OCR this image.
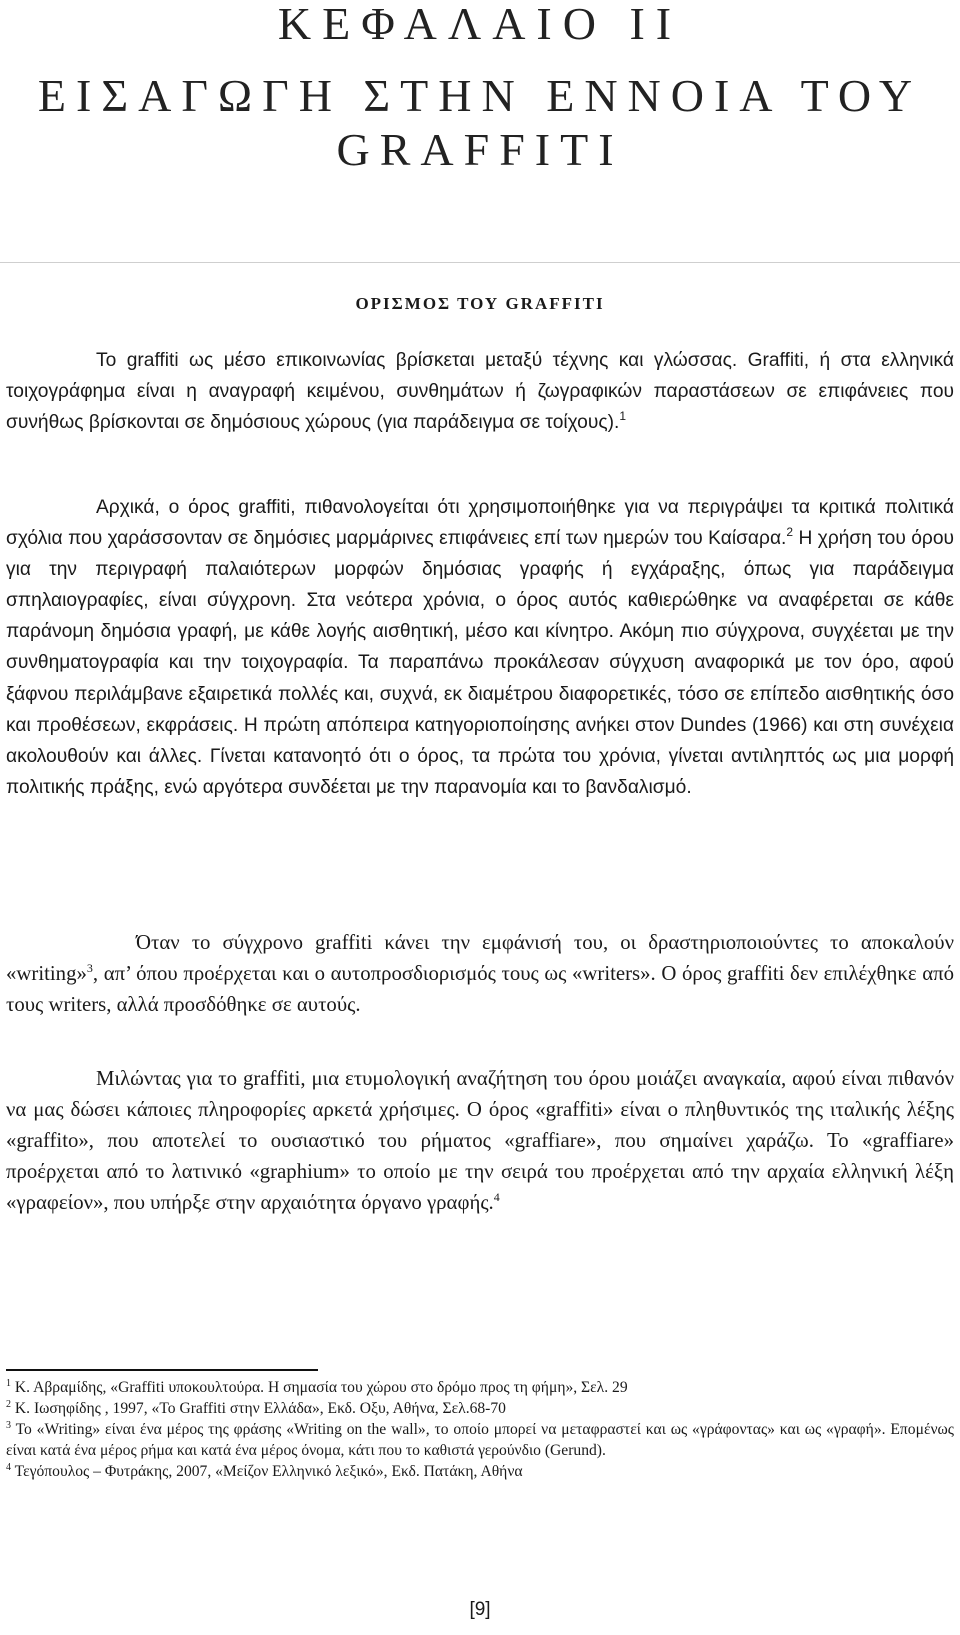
ΚΕΦΑΛΑΙΟ ΙΙ
ΕΙΣΑΓΩΓΗ ΣΤΗΝ ΕΝΝΟΙΑ ΤΟΥ
GRAFFITI
ΟΡΙΣΜΟΣ ΤΟΥ GRAFFITI

Το graffiti ως μέσο επικοινωνίας βρίσκεται μεταξύ τέχνης και γλώσσας. Graffiti, ή στα ελληνικά τοιχογράφημα είναι η αναγραφή κειμένου, συνθημάτων ή ζωγραφικών παραστάσεων σε επιφάνειες που συνήθως βρίσκονται σε δημόσιους χώρους (για παράδειγμα σε τοίχους).$^1$

Αρχικά, ο όρος graffiti, πιθανολογείται ότι χρησιμοποιήθηκε για να περιγράψει τα κριτικά πολιτικά σχόλια που χαράσσονταν σε δημόσιες μαρμάρινες επιφάνειες επί των ημερών του Καίσαρα.$^2$ Η χρήση του όρου για την περιγραφή παλαιότερων μορφών δημόσιας γραφής ή εγχάραξης, όπως για παράδειγμα σπηλαιογραφίες, είναι σύγχρονη. Στα νεότερα χρόνια, ο όρος αυτός καθιερώθηκε να αναφέρεται σε κάθε παράνομη δημόσια γραφή, με κάθε λογής αισθητική, μέσο και κίνητρο. Ακόμη πιο σύγχρονα, συγχέεται με την συνθηματογραφία και την τοιχογραφία. Τα παραπάνω προκάλεσαν σύγχυση αναφορικά με τον όρο, αφού ξάφνου περιλάμβανε εξαιρετικά πολλές και, συχνά, εκ διαμέτρου διαφορετικές, τόσο σε επίπεδο αισθητικής όσο και προθέσεων, εκφράσεις. Η πρώτη απόπειρα κατηγοριοποίησης ανήκει στον Dundes (1966) και στη συνέχεια ακολουθούν και άλλες. Γίνεται κατανοητό ότι ο όρος, τα πρώτα του χρόνια, γίνεται αντιληπτός ως μια μορφή πολιτικής πράξης, ενώ αργότερα συνδέεται με την παρανομία και το βανδαλισμό.

Όταν το σύγχρονο graffiti κάνει την εμφάνισή του, οι δραστηριοποιούντες το αποκαλούν «writing»$^3$, απ’ όπου προέρχεται και ο αυτοπροσδιορισμός τους ως «writers». Ο όρος graffiti δεν επιλέχθηκε από τους writers, αλλά προσδόθηκε σε αυτούς.

Μιλώντας για το graffiti, μια ετυμολογική αναζήτηση του όρου μοιάζει αναγκαία, αφού είναι πιθανόν να μας δώσει κάποιες πληροφορίες αρκετά χρήσιμες. Ο όρος «graffiti» είναι ο πληθυντικός της ιταλικής λέξης «graffito», που αποτελεί το ουσιαστικό του ρήματος «graffiare», που σημαίνει χαράζω. Το «graffiare» προέρχεται από το λατινικό «graphium» το οποίο με την σειρά του προέρχεται από την αρχαία ελληνική λέξη «γραφείον», που υπήρξε στην αρχαιότητα όργανο γραφής.$^4$

$^1$ Κ. Αβραμίδης, «Graffiti υποκουλτούρα. Η σημασία του χώρου στο δρόμο προς τη φήμη», Σελ. 29

$^2$ Κ. Ιωσηφίδης , 1997, «Το Graffiti στην Ελλάδα», Εκδ. Οξυ, Αθήνα, Σελ.68-70

$^3$ Το «Writing» είναι ένα μέρος της φράσης «Writing on the wall», το οποίο μπορεί να μεταφραστεί και ως «γράφοντας» και ως «γραφή». Επομένως είναι κατά ένα μέρος ρήμα και κατά ένα μέρος όνομα, κάτι που το καθιστά γερούνδιο (Gerund).

$^4$ Τεγόπουλος – Φυτράκης, 2007, «Μείζον Ελληνικό λεξικό», Εκδ. Πατάκη, Αθήνα

[9]
